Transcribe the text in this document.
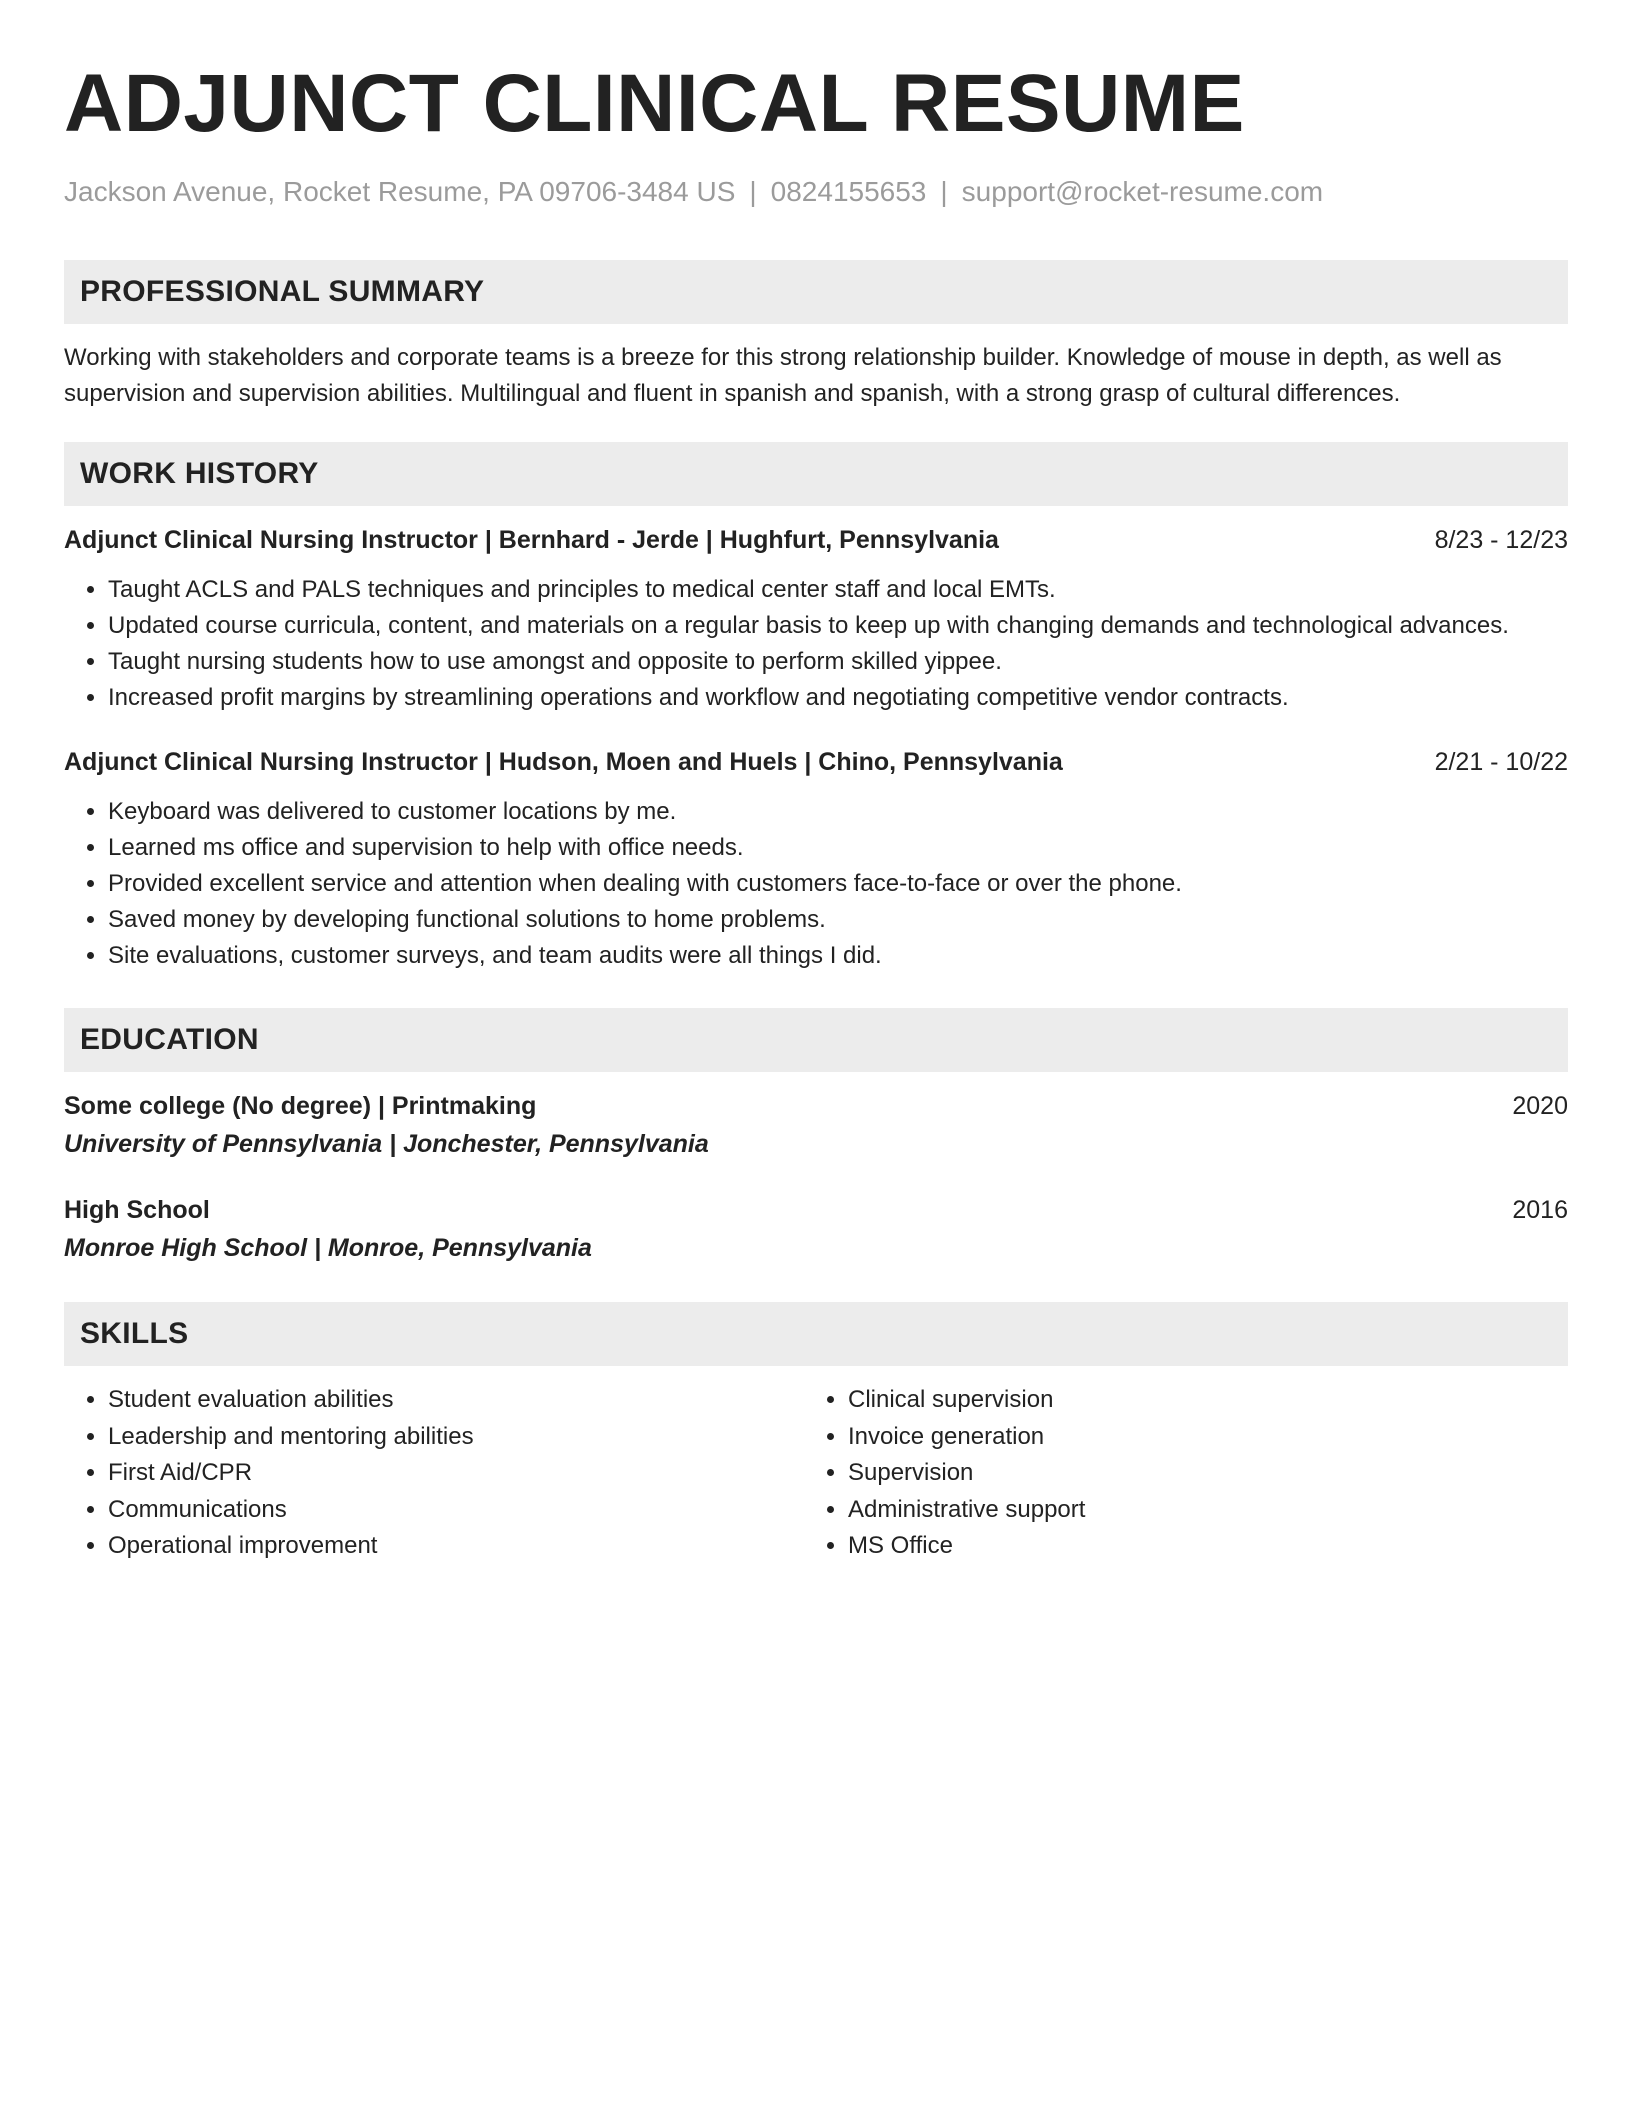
ADJUNCT CLINICAL RESUME
Jackson Avenue, Rocket Resume, PA 09706-3484 US | 0824155653 | support@rocket-resume.com
PROFESSIONAL SUMMARY
Working with stakeholders and corporate teams is a breeze for this strong relationship builder. Knowledge of mouse in depth, as well as supervision and supervision abilities. Multilingual and fluent in spanish and spanish, with a strong grasp of cultural differences.
WORK HISTORY
Adjunct Clinical Nursing Instructor | Bernhard - Jerde | Hughfurt, Pennsylvania	8/23 - 12/23
• Taught ACLS and PALS techniques and principles to medical center staff and local EMTs.
• Updated course curricula, content, and materials on a regular basis to keep up with changing demands and technological advances.
• Taught nursing students how to use amongst and opposite to perform skilled yippee.
• Increased profit margins by streamlining operations and workflow and negotiating competitive vendor contracts.
Adjunct Clinical Nursing Instructor | Hudson, Moen and Huels | Chino, Pennsylvania	2/21 - 10/22
• Keyboard was delivered to customer locations by me.
• Learned ms office and supervision to help with office needs.
• Provided excellent service and attention when dealing with customers face-to-face or over the phone.
• Saved money by developing functional solutions to home problems.
• Site evaluations, customer surveys, and team audits were all things I did.
EDUCATION
Some college (No degree) | Printmaking	2020
University of Pennsylvania | Jonchester, Pennsylvania
High School	2016
Monroe High School | Monroe, Pennsylvania
SKILLS
• Student evaluation abilities
• Leadership and mentoring abilities
• First Aid/CPR
• Communications
• Operational improvement
• Clinical supervision
• Invoice generation
• Supervision
• Administrative support
• MS Office
